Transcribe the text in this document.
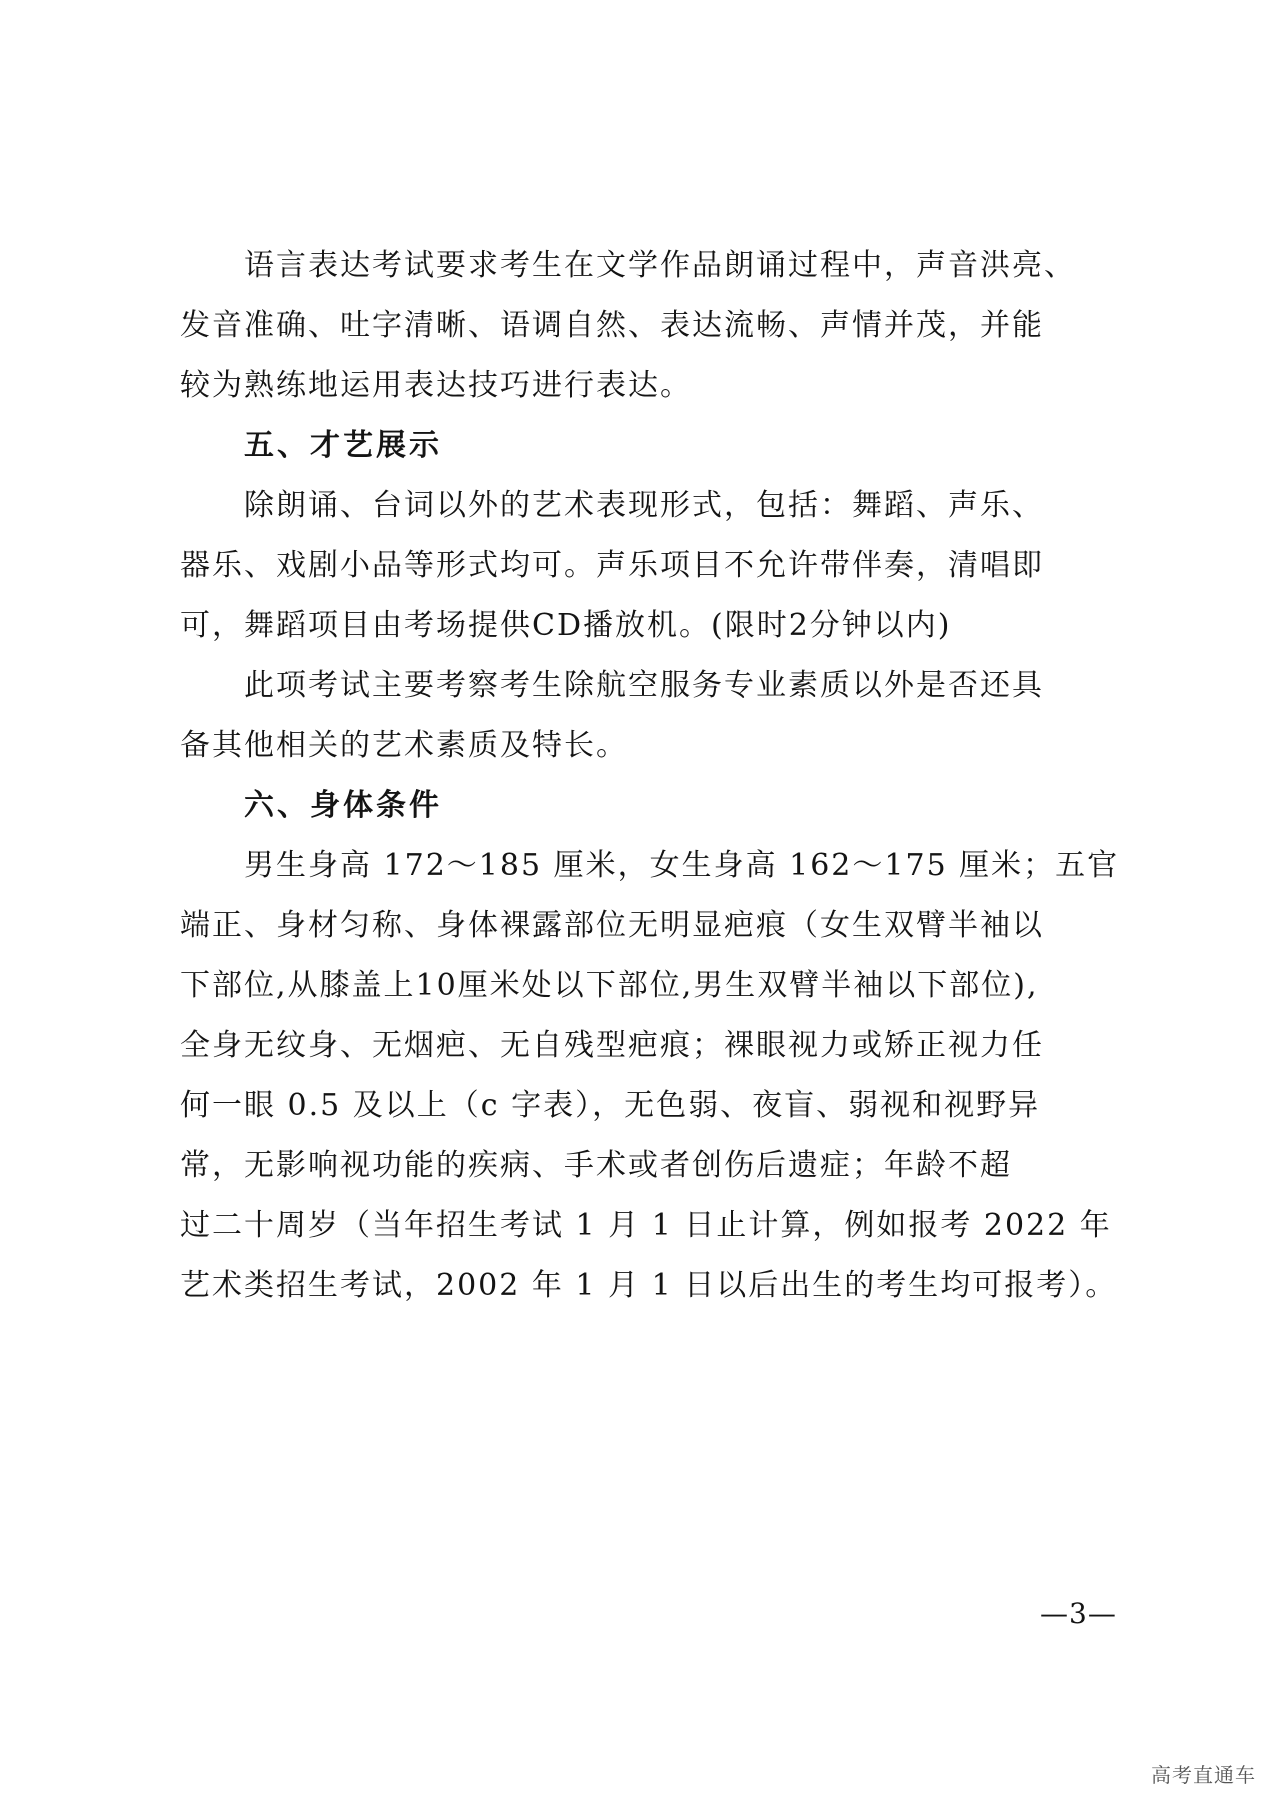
语言表达考试要求考生在文学作品朗诵过程中，声音洪亮、
发音准确、吐字清晰、语调自然、表达流畅、声情并茂，并能
较为熟练地运用表达技巧进行表达。

五、才艺展示

除朗诵、台词以外的艺术表现形式，包括：舞蹈、声乐、
器乐、戏剧小品等形式均可。声乐项目不允许带伴奏，清唱即
可，舞蹈项目由考场提供CD播放机。(限时2分钟以内)

此项考试主要考察考生除航空服务专业素质以外是否还具
备其他相关的艺术素质及特长。

六、身体条件

男生身高 172～185 厘米，女生身高 162～175 厘米；五官
端正、身材匀称、身体裸露部位无明显疤痕（女生双臂半袖以
下部位,从膝盖上10厘米处以下部位,男生双臂半袖以下部位),
全身无纹身、无烟疤、无自残型疤痕；裸眼视力或矫正视力任
何一眼 0.5 及以上（c 字表），无色弱、夜盲、弱视和视野异
常，无影响视功能的疾病、手术或者创伤后遗症；年龄不超
过二十周岁（当年招生考试 1 月 1 日止计算，例如报考 2022 年
艺术类招生考试，2002 年 1 月 1 日以后出生的考生均可报考）。

—3—
高考直通车
